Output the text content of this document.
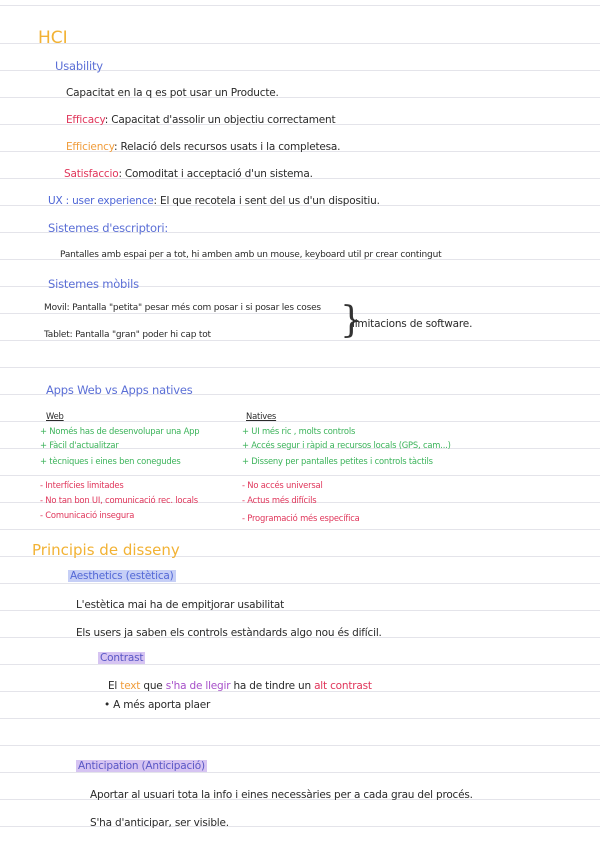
HCI
Usability
Capacitat en la q es pot usar un Producte.
Efficacy: Capacitat d'assolir un objectiu correctament
Efficiency: Relació dels recursos usats i la completesa.
Satisfaccio: Comoditat i acceptació d'un sistema.
UX : user experience: El que recotela i sent del us d'un dispositiu.
Sistemes d'escriptori:
Pantalles amb espai per a tot, hi amben amb un mouse, keyboard util pr crear contingut
Sistemes mòbils
Movil: Pantalla "petita" pesar més com posar i si posar les coses
Tablet: Pantalla "gran" poder hi cap tot	}
limitacions de software.
Apps Web vs Apps natives
Web
+ Només has de desenvolupar una App
+ Fàcil d'actualitzar
+ tècniques i eines ben conegudes
- Interfícies limitades
- No tan bon UI, comunicació rec. locals
- Comunicació insegura
Natives
+ UI més ric , molts controls
+ Accés segur i ràpid a recursos locals (GPS, cam...)
+ Disseny per pantalles petites i controls tàctils
- No accés universal
- Actus més difícils
- Programació més específica
Principis de disseny
Aesthetics (estètica)
L'estètica mai ha de empitjorar usabilitat
Els users ja saben els controls estàndards algo nou és difícil.
Contrast
El text que s'ha de llegir ha de tindre un alt contrast
• A més aporta plaer
Anticipation (Anticipació)
Aportar al usuari tota la info i eines necessàries per a cada grau del procés.
S'ha d'anticipar, ser visible.
